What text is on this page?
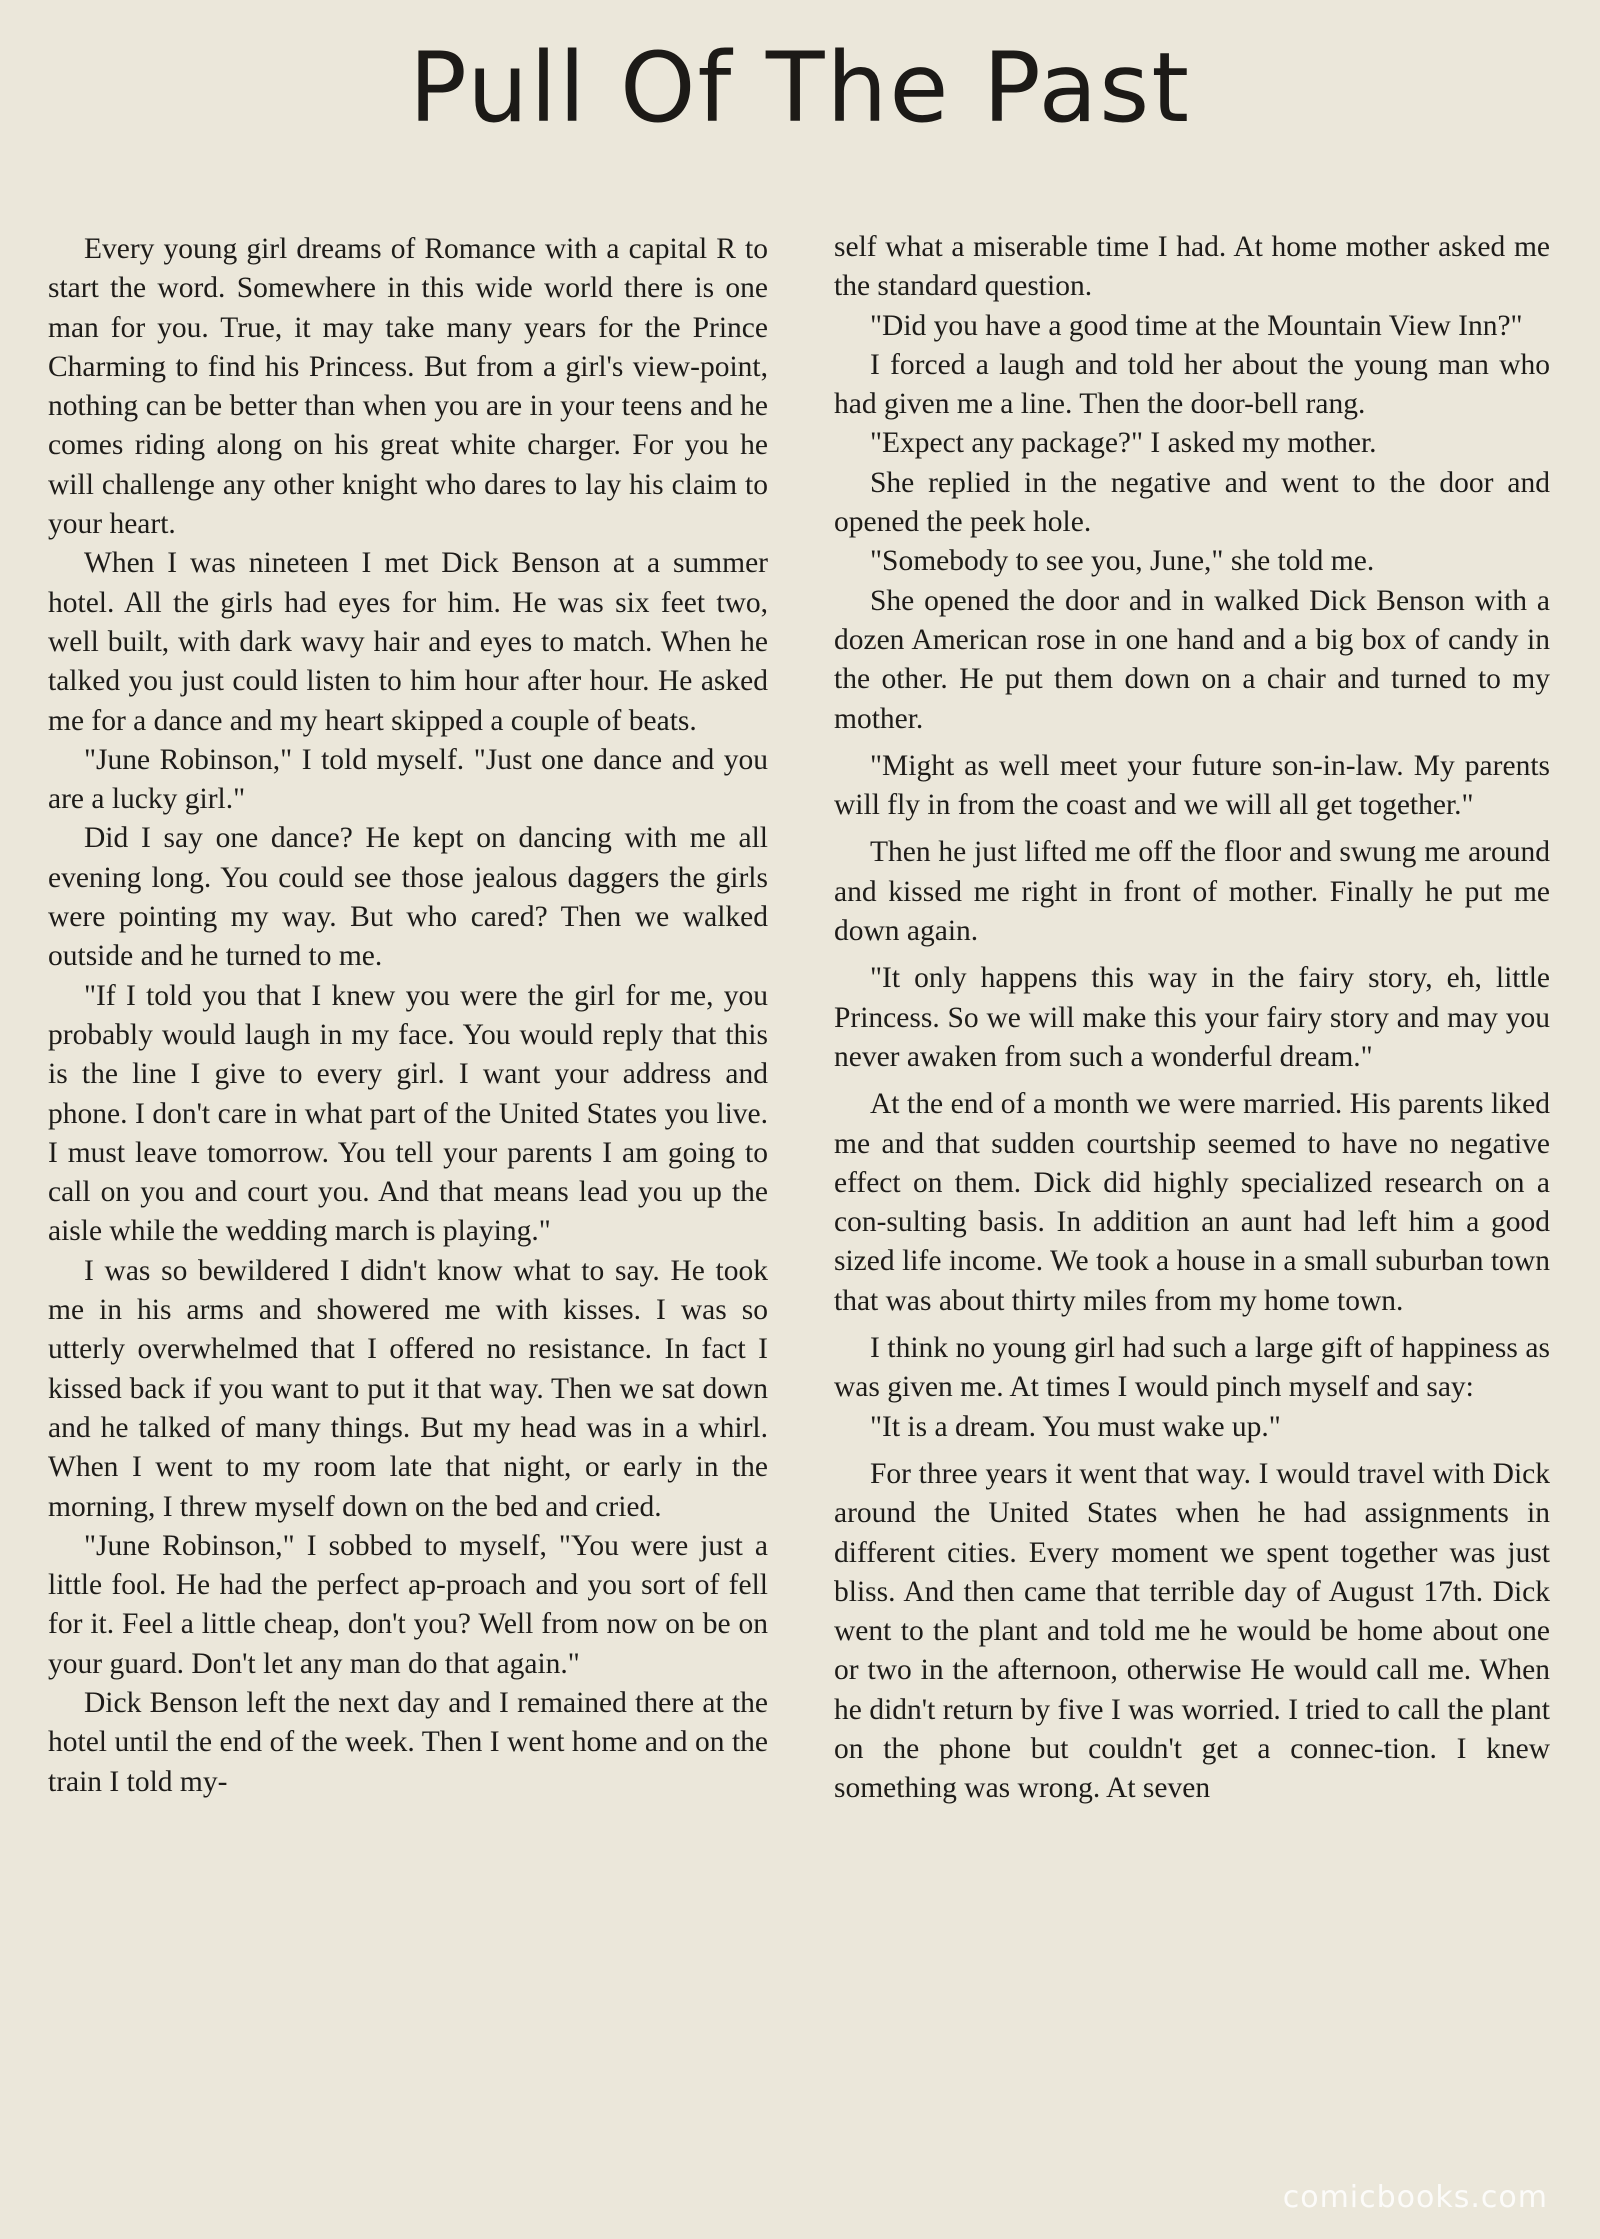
Pull Of The Past

Every young girl dreams of Romance with a capital R to start the word. Somewhere in this wide world there is one man for you. True, it may take many years for the Prince Charming to find his Princess. But from a girl's view-point, nothing can be better than when you are in your teens and he comes riding along on his great white charger. For you he will challenge any other knight who dares to lay his claim to your heart.

When I was nineteen I met Dick Benson at a summer hotel. All the girls had eyes for him. He was six feet two, well built, with dark wavy hair and eyes to match. When he talked you just could listen to him hour after hour. He asked me for a dance and my heart skipped a couple of beats.

"June Robinson," I told myself. "Just one dance and you are a lucky girl."

Did I say one dance? He kept on dancing with me all evening long. You could see those jealous daggers the girls were pointing my way. But who cared? Then we walked outside and he turned to me.

"If I told you that I knew you were the girl for me, you probably would laugh in my face. You would reply that this is the line I give to every girl. I want your address and phone. I don't care in what part of the United States you live. I must leave tomorrow. You tell your parents I am going to call on you and court you. And that means lead you up the aisle while the wedding march is playing."

I was so bewildered I didn't know what to say. He took me in his arms and showered me with kisses. I was so utterly overwhelmed that I offered no resistance. In fact I kissed back if you want to put it that way. Then we sat down and he talked of many things. But my head was in a whirl. When I went to my room late that night, or early in the morning, I threw myself down on the bed and cried.

"June Robinson," I sobbed to myself, "You were just a little fool. He had the perfect ap-proach and you sort of fell for it. Feel a little cheap, don't you? Well from now on be on your guard. Don't let any man do that again."

Dick Benson left the next day and I remained there at the hotel until the end of the week. Then I went home and on the train I told my-

self what a miserable time I had. At home mother asked me the standard question.

"Did you have a good time at the Mountain View Inn?"

I forced a laugh and told her about the young man who had given me a line. Then the door-bell rang.

"Expect any package?" I asked my mother.

She replied in the negative and went to the door and opened the peek hole.

"Somebody to see you, June," she told me.

She opened the door and in walked Dick Benson with a dozen American rose in one hand and a big box of candy in the other. He put them down on a chair and turned to my mother.

"Might as well meet your future son-in-law. My parents will fly in from the coast and we will all get together."

Then he just lifted me off the floor and swung me around and kissed me right in front of mother. Finally he put me down again.

"It only happens this way in the fairy story, eh, little Princess. So we will make this your fairy story and may you never awaken from such a wonderful dream."

At the end of a month we were married. His parents liked me and that sudden courtship seemed to have no negative effect on them. Dick did highly specialized research on a con-sulting basis. In addition an aunt had left him a good sized life income. We took a house in a small suburban town that was about thirty miles from my home town.

I think no young girl had such a large gift of happiness as was given me. At times I would pinch myself and say:

"It is a dream. You must wake up."

For three years it went that way. I would travel with Dick around the United States when he had assignments in different cities. Every moment we spent together was just bliss. And then came that terrible day of August 17th. Dick went to the plant and told me he would be home about one or two in the afternoon, otherwise He would call me. When he didn't return by five I was worried. I tried to call the plant on the phone but couldn't get a connec-tion. I knew something was wrong. At seven

comicbooks.com
